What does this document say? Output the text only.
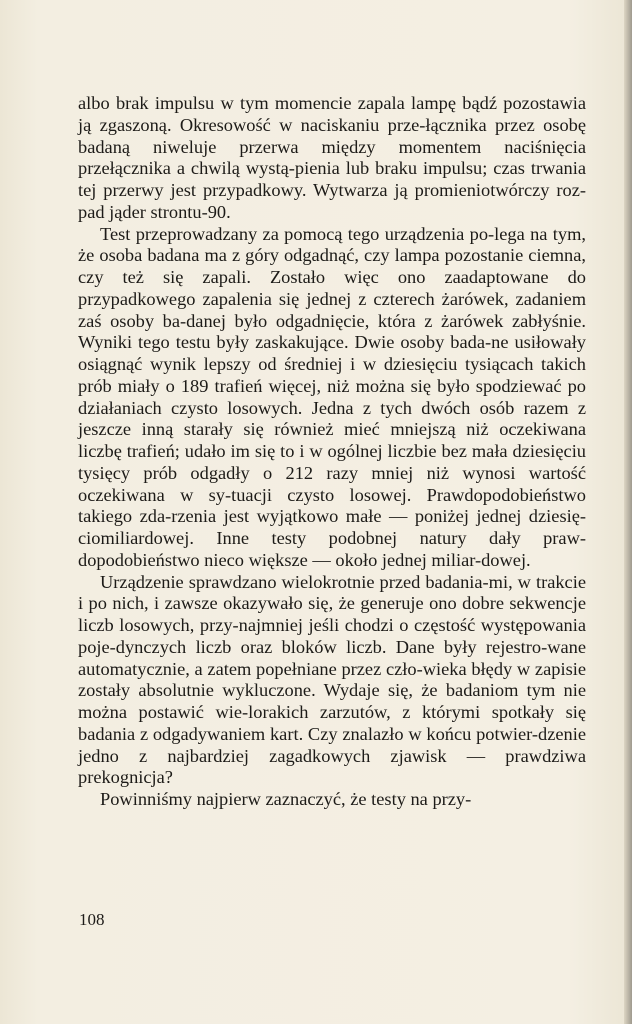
albo brak impulsu w tym momencie zapala lampę bądź pozostawia ją zgaszoną. Okresowość w naciskaniu prze-łącznika przez osobę badaną niweluje przerwa między momentem naciśnięcia przełącznika a chwilą wystą-pienia lub braku impulsu; czas trwania tej przerwy jest przypadkowy. Wytwarza ją promieniotwórczy roz-pad jąder strontu-90.

Test przeprowadzany za pomocą tego urządzenia po-lega na tym, że osoba badana ma z góry odgadnąć, czy lampa pozostanie ciemna, czy też się zapali. Zostało więc ono zaadaptowane do przypadkowego zapalenia się jednej z czterech żarówek, zadaniem zaś osoby ba-danej było odgadnięcie, która z żarówek zabłyśnie. Wyniki tego testu były zaskakujące. Dwie osoby bada-ne usiłowały osiągnąć wynik lepszy od średniej i w dziesięciu tysiącach takich prób miały o 189 trafień więcej, niż można się było spodziewać po działaniach czysto losowych. Jedna z tych dwóch osób razem z jeszcze inną starały się również mieć mniejszą niż oczekiwana liczbę trafień; udało im się to i w ogólnej liczbie bez mała dziesięciu tysięcy prób odgadły o 212 razy mniej niż wynosi wartość oczekiwana w sy-tuacji czysto losowej. Prawdopodobieństwo takiego zda-rzenia jest wyjątkowo małe — poniżej jednej dziesię-ciomiliardowej. Inne testy podobnej natury dały praw-dopodobieństwo nieco większe — około jednej miliar-dowej.

Urządzenie sprawdzano wielokrotnie przed badania-mi, w trakcie i po nich, i zawsze okazywało się, że generuje ono dobre sekwencje liczb losowych, przy-najmniej jeśli chodzi o częstość występowania poje-dynczych liczb oraz bloków liczb. Dane były rejestro-wane automatycznie, a zatem popełniane przez czło-wieka błędy w zapisie zostały absolutnie wykluczone. Wydaje się, że badaniom tym nie można postawić wie-lorakich zarzutów, z którymi spotkały się badania z odgadywaniem kart. Czy znalazło w końcu potwier-dzenie jedno z najbardziej zagadkowych zjawisk — prawdziwa prekognicja?

Powinniśmy najpierw zaznaczyć, że testy na przy-

108
